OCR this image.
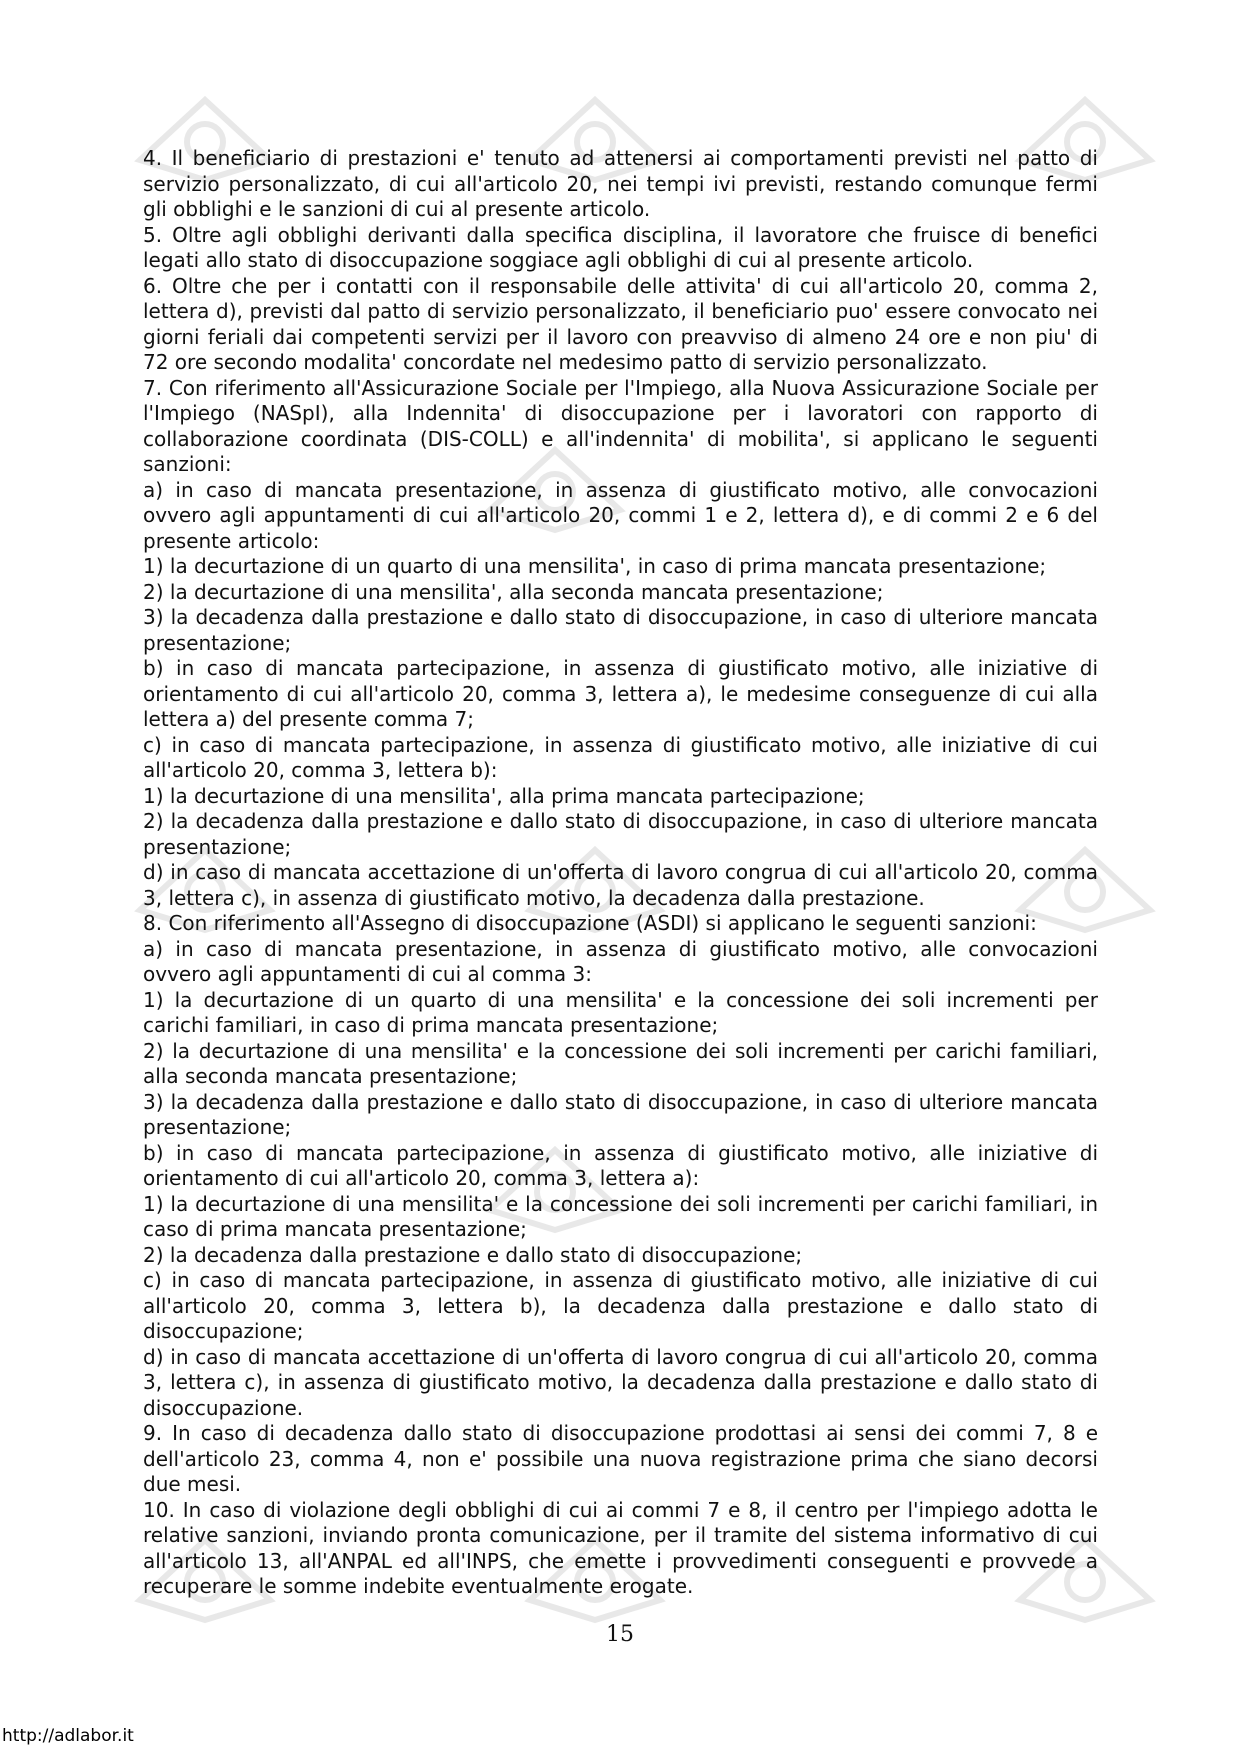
4. Il beneficiario di prestazioni e' tenuto ad attenersi ai comportamenti previsti nel patto di servizio personalizzato, di cui all'articolo 20, nei tempi ivi previsti, restando comunque fermi gli obblighi e le sanzioni di cui al presente articolo.

5. Oltre agli obblighi derivanti dalla specifica disciplina, il lavoratore che fruisce di benefici legati allo stato di disoccupazione soggiace agli obblighi di cui al presente articolo.

6. Oltre che per i contatti con il responsabile delle attivita' di cui all'articolo 20, comma 2, lettera d), previsti dal patto di servizio personalizzato, il beneficiario puo' essere convocato nei giorni feriali dai competenti servizi per il lavoro con preavviso di almeno 24 ore e non piu' di 72 ore secondo modalita' concordate nel medesimo patto di servizio personalizzato.

7. Con riferimento all'Assicurazione Sociale per l'Impiego, alla Nuova Assicurazione Sociale per l'Impiego (NASpI), alla Indennita' di disoccupazione per i lavoratori con rapporto di collaborazione coordinata (DIS-COLL) e all'indennita' di mobilita', si applicano le seguenti sanzioni:

a) in caso di mancata presentazione, in assenza di giustificato motivo, alle convocazioni ovvero agli appuntamenti di cui all'articolo 20, commi 1 e 2, lettera d), e di commi 2 e 6 del presente articolo:

1) la decurtazione di un quarto di una mensilita', in caso di prima mancata presentazione;

2) la decurtazione di una mensilita', alla seconda mancata presentazione;

3) la decadenza dalla prestazione e dallo stato di disoccupazione, in caso di ulteriore mancata presentazione;

b) in caso di mancata partecipazione, in assenza di giustificato motivo, alle iniziative di orientamento di cui all'articolo 20, comma 3, lettera a), le medesime conseguenze di cui alla lettera a) del presente comma 7;

c) in caso di mancata partecipazione, in assenza di giustificato motivo, alle iniziative di cui all'articolo 20, comma 3, lettera b):

1) la decurtazione di una mensilita', alla prima mancata partecipazione;

2) la decadenza dalla prestazione e dallo stato di disoccupazione, in caso di ulteriore mancata presentazione;

d) in caso di mancata accettazione di un'offerta di lavoro congrua di cui all'articolo 20, comma 3, lettera c), in assenza di giustificato motivo, la decadenza dalla prestazione.

8. Con riferimento all'Assegno di disoccupazione (ASDI) si applicano le seguenti sanzioni:

a) in caso di mancata presentazione, in assenza di giustificato motivo, alle convocazioni ovvero agli appuntamenti di cui al comma 3:

1) la decurtazione di un quarto di una mensilita' e la concessione dei soli incrementi per carichi familiari, in caso di prima mancata presentazione;

2) la decurtazione di una mensilita' e la concessione dei soli incrementi per carichi familiari, alla seconda mancata presentazione;

3) la decadenza dalla prestazione e dallo stato di disoccupazione, in caso di ulteriore mancata presentazione;

b) in caso di mancata partecipazione, in assenza di giustificato motivo, alle iniziative di orientamento di cui all'articolo 20, comma 3, lettera a):

1) la decurtazione di una mensilita' e la concessione dei soli incrementi per carichi familiari, in caso di prima mancata presentazione;

2) la decadenza dalla prestazione e dallo stato di disoccupazione;

c) in caso di mancata partecipazione, in assenza di giustificato motivo, alle iniziative di cui all'articolo 20, comma 3, lettera b), la decadenza dalla prestazione e dallo stato di disoccupazione;

d) in caso di mancata accettazione di un'offerta di lavoro congrua di cui all'articolo 20, comma 3, lettera c), in assenza di giustificato motivo, la decadenza dalla prestazione e dallo stato di disoccupazione.

9. In caso di decadenza dallo stato di disoccupazione prodottasi ai sensi dei commi 7, 8 e dell'articolo 23, comma 4, non e' possibile una nuova registrazione prima che siano decorsi due mesi.

10. In caso di violazione degli obblighi di cui ai commi 7 e 8, il centro per l'impiego adotta le relative sanzioni, inviando pronta comunicazione, per il tramite del sistema informativo di cui all'articolo 13, all'ANPAL ed all'INPS, che emette i provvedimenti conseguenti e provvede a recuperare le somme indebite eventualmente erogate.

15
http://adlabor.it
